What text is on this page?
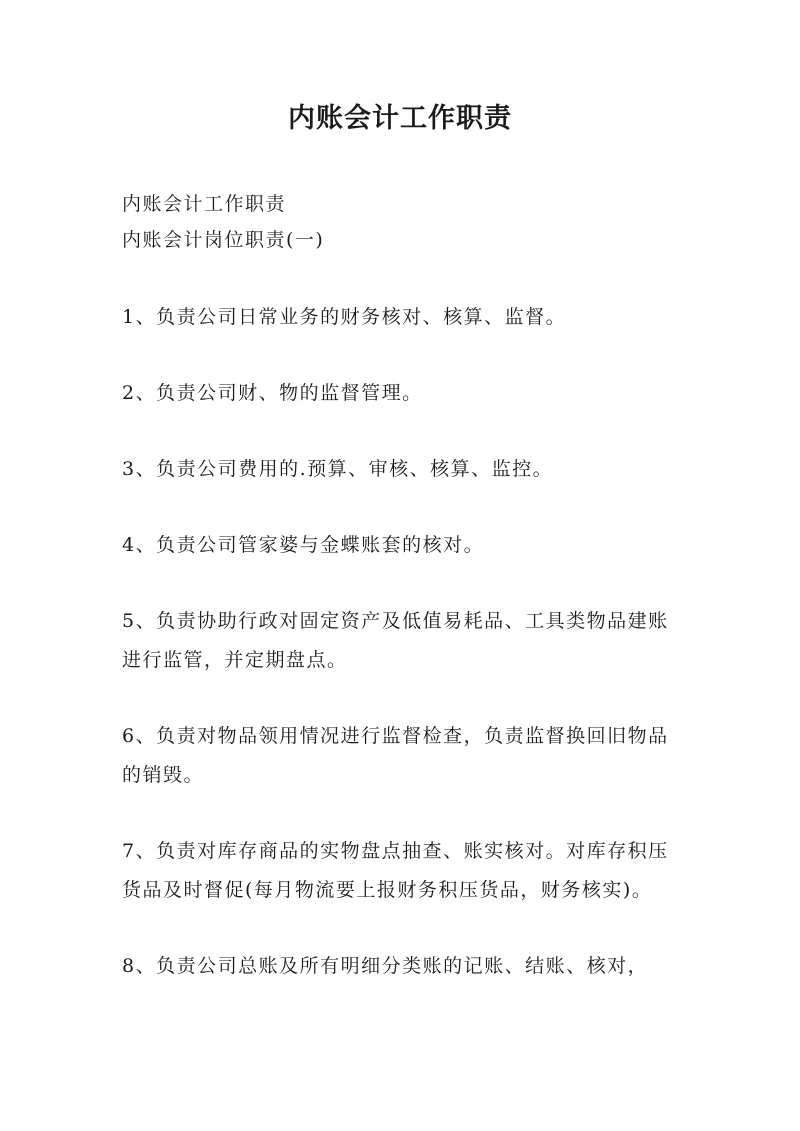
内账会计工作职责
内账会计工作职责
内账会计岗位职责(一)
1、负责公司日常业务的财务核对、核算、监督。
2、负责公司财、物的监督管理。
3、负责公司费用的.预算、审核、核算、监控。
4、负责公司管家婆与金蝶账套的核对。
5、负责协助行政对固定资产及低值易耗品、工具类物品建账进行监管，并定期盘点。
6、负责对物品领用情况进行监督检查，负责监督换回旧物品的销毁。
7、负责对库存商品的实物盘点抽查、账实核对。对库存积压货品及时督促(每月物流要上报财务积压货品，财务核实)。
8、负责公司总账及所有明细分类账的记账、结账、核对，
